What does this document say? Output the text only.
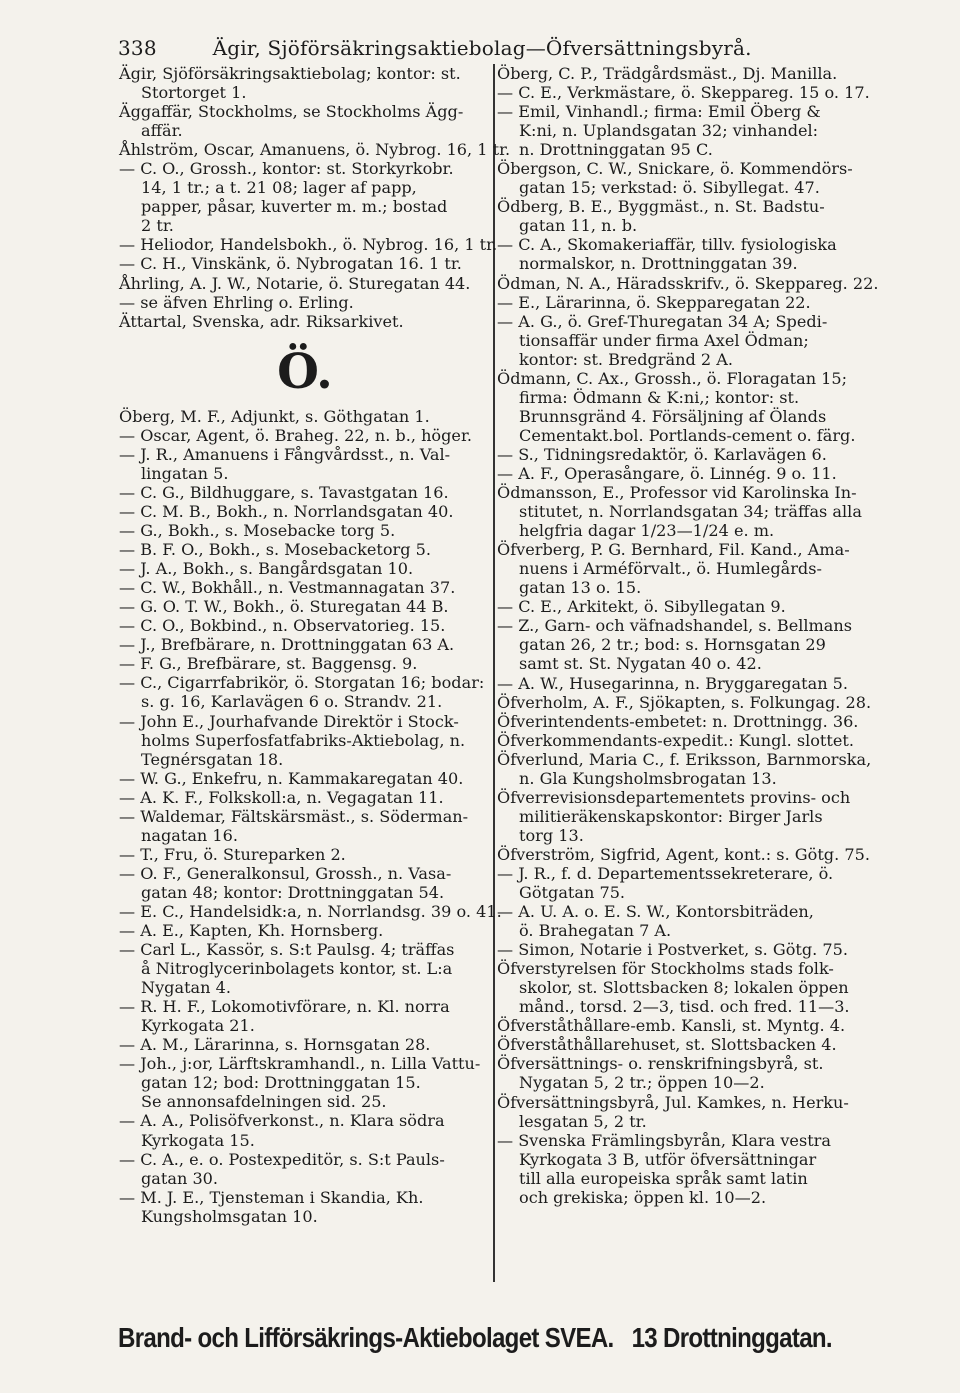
338	Ägir, Sjöförsäkringsaktiebolag—Öfversättningsbyrå.
Ägir, Sjöförsäkringsaktiebolag; kontor: st.
Stortorget 1.
Äggaffär, Stockholms, se Stockholms Ägg-
affär.
Åhlström, Oscar, Amanuens, ö. Nybrog. 16, 1 tr.
— C. O., Grossh., kontor: st. Storkyrkobr.
14, 1 tr.; a t. 21 08; lager af papp,
papper, påsar, kuverter m. m.; bostad
2 tr.
— Heliodor, Handelsbokh., ö. Nybrog. 16, 1 tr.
— C. H., Vinskänk, ö. Nybrogatan 16. 1 tr.
Åhrling, A. J. W., Notarie, ö. Sturegatan 44.
— se äfven Ehrling o. Erling.
Ättartal, Svenska, adr. Riksarkivet.
Ö.
Öberg, M. F., Adjunkt, s. Göthgatan 1.
— Oscar, Agent, ö. Braheg. 22, n. b., höger.
— J. R., Amanuens i Fångvårdsst., n. Val-
lingatan 5.
— C. G., Bildhuggare, s. Tavastgatan 16.
— C. M. B., Bokh., n. Norrlandsgatan 40.
— G., Bokh., s. Mosebacke torg 5.
— B. F. O., Bokh., s. Mosebacketorg 5.
— J. A., Bokh., s. Bangårdsgatan 10.
— C. W., Bokhåll., n. Vestmannagatan 37.
— G. O. T. W., Bokh., ö. Sturegatan 44 B.
— C. O., Bokbind., n. Observatorieg. 15.
— J., Brefbärare, n. Drottninggatan 63 A.
— F. G., Brefbärare, st. Baggensg. 9.
— C., Cigarrfabrikör, ö. Storgatan 16; bodar:
s. g. 16, Karlavägen 6 o. Strandv. 21.
— John E., Jourhafvande Direktör i Stock-
holms Superfosfatfabriks-Aktiebolag, n.
Tegnérsgatan 18.
— W. G., Enkefru, n. Kammakaregatan 40.
— A. K. F., Folkskoll:a, n. Vegagatan 11.
— Waldemar, Fältskärsmäst., s. Söderman-
nagatan 16.
— T., Fru, ö. Stureparken 2.
— O. F., Generalkonsul, Grossh., n. Vasa-
gatan 48; kontor: Drottninggatan 54.
— E. C., Handelsidk:a, n. Norrlandsg. 39 o. 41.
— A. E., Kapten, Kh. Hornsberg.
— Carl L., Kassör, s. S:t Paulsg. 4; träffas
å Nitroglycerinbolagets kontor, st. L:a
Nygatan 4.
— R. H. F., Lokomotivförare, n. Kl. norra
Kyrkogata 21.
— A. M., Lärarinna, s. Hornsgatan 28.
— Joh., j:or, Lärftskramhandl., n. Lilla Vattu-
gatan 12; bod: Drottninggatan 15.
Se annonsafdelningen sid. 25.
— A. A., Polisöfverkonst., n. Klara södra
Kyrkogata 15.
— C. A., e. o. Postexpeditör, s. S:t Pauls-
gatan 30.
— M. J. E., Tjensteman i Skandia, Kh.
Kungsholmsgatan 10.
Öberg, C. P., Trädgårdsmäst., Dj. Manilla.
— C. E., Verkmästare, ö. Skeppareg. 15 o. 17.
— Emil, Vinhandl.; firma: Emil Öberg &
K:ni, n. Uplandsgatan 32; vinhandel:
n. Drottninggatan 95 C.
Öbergson, C. W., Snickare, ö. Kommendörs-
gatan 15; verkstad: ö. Sibyllegat. 47.
Ödberg, B. E., Byggmäst., n. St. Badstu-
gatan 11, n. b.
— C. A., Skomakeriaffär, tillv. fysiologiska
normalskor, n. Drottninggatan 39.
Ödman, N. A., Häradsskrifv., ö. Skeppareg. 22.
— E., Lärarinna, ö. Skepparegatan 22.
— A. G., ö. Gref-Thuregatan 34 A; Spedi-
tionsaffär under firma Axel Ödman;
kontor: st. Bredgränd 2 A.
Ödmann, C. Ax., Grossh., ö. Floragatan 15;
firma: Ödmann & K:ni,; kontor: st.
Brunnsgränd 4. Försäljning af Ölands
Cementakt.bol. Portlands-cement o. färg.
— S., Tidningsredaktör, ö. Karlavägen 6.
— A. F., Operasångare, ö. Linnég. 9 o. 11.
Ödmansson, E., Professor vid Karolinska In-
stitutet, n. Norrlandsgatan 34; träffas alla
helgfria dagar 1/23—1/24 e. m.
Öfverberg, P. G. Bernhard, Fil. Kand., Ama-
nuens i Arméförvalt., ö. Humlegårds-
gatan 13 o. 15.
— C. E., Arkitekt, ö. Sibyllegatan 9.
— Z., Garn- och väfnadshandel, s. Bellmans
gatan 26, 2 tr.; bod: s. Hornsgatan 29
samt st. St. Nygatan 40 o. 42.
— A. W., Husegarinna, n. Bryggaregatan 5.
Öfverholm, A. F., Sjökapten, s. Folkungag. 28.
Öfverintendents-embetet: n. Drottningg. 36.
Öfverkommendants-expedit.: Kungl. slottet.
Öfverlund, Maria C., f. Eriksson, Barnmorska,
n. Gla Kungsholmsbrogatan 13.
Öfverrevisionsdepartementets provins- och
militieräkenskapskontor: Birger Jarls
torg 13.
Öfverström, Sigfrid, Agent, kont.: s. Götg. 75.
— J. R., f. d. Departementssekreterare, ö.
Götgatan 75.
— A. U. A. o. E. S. W., Kontorsbiträden,
ö. Brahegatan 7 A.
— Simon, Notarie i Postverket, s. Götg. 75.
Öfverstyrelsen för Stockholms stads folk-
skolor, st. Slottsbacken 8; lokalen öppen
månd., torsd. 2—3, tisd. och fred. 11—3.
Öfverståthållare-emb. Kansli, st. Myntg. 4.
Öfverståthållarehuset, st. Slottsbacken 4.
Öfversättnings- o. renskrifningsbyrå, st.
Nygatan 5, 2 tr.; öppen 10—2.
Öfversättningsbyrå, Jul. Kamkes, n. Herku-
lesgatan 5, 2 tr.
— Svenska Främlingsbyrån, Klara vestra
Kyrkogata 3 B, utför öfversättningar
till alla europeiska språk samt latin
och grekiska; öppen kl. 10—2.
Brand- och Lifförsäkrings-Aktiebolaget SVEA. 13 Drottninggatan.
